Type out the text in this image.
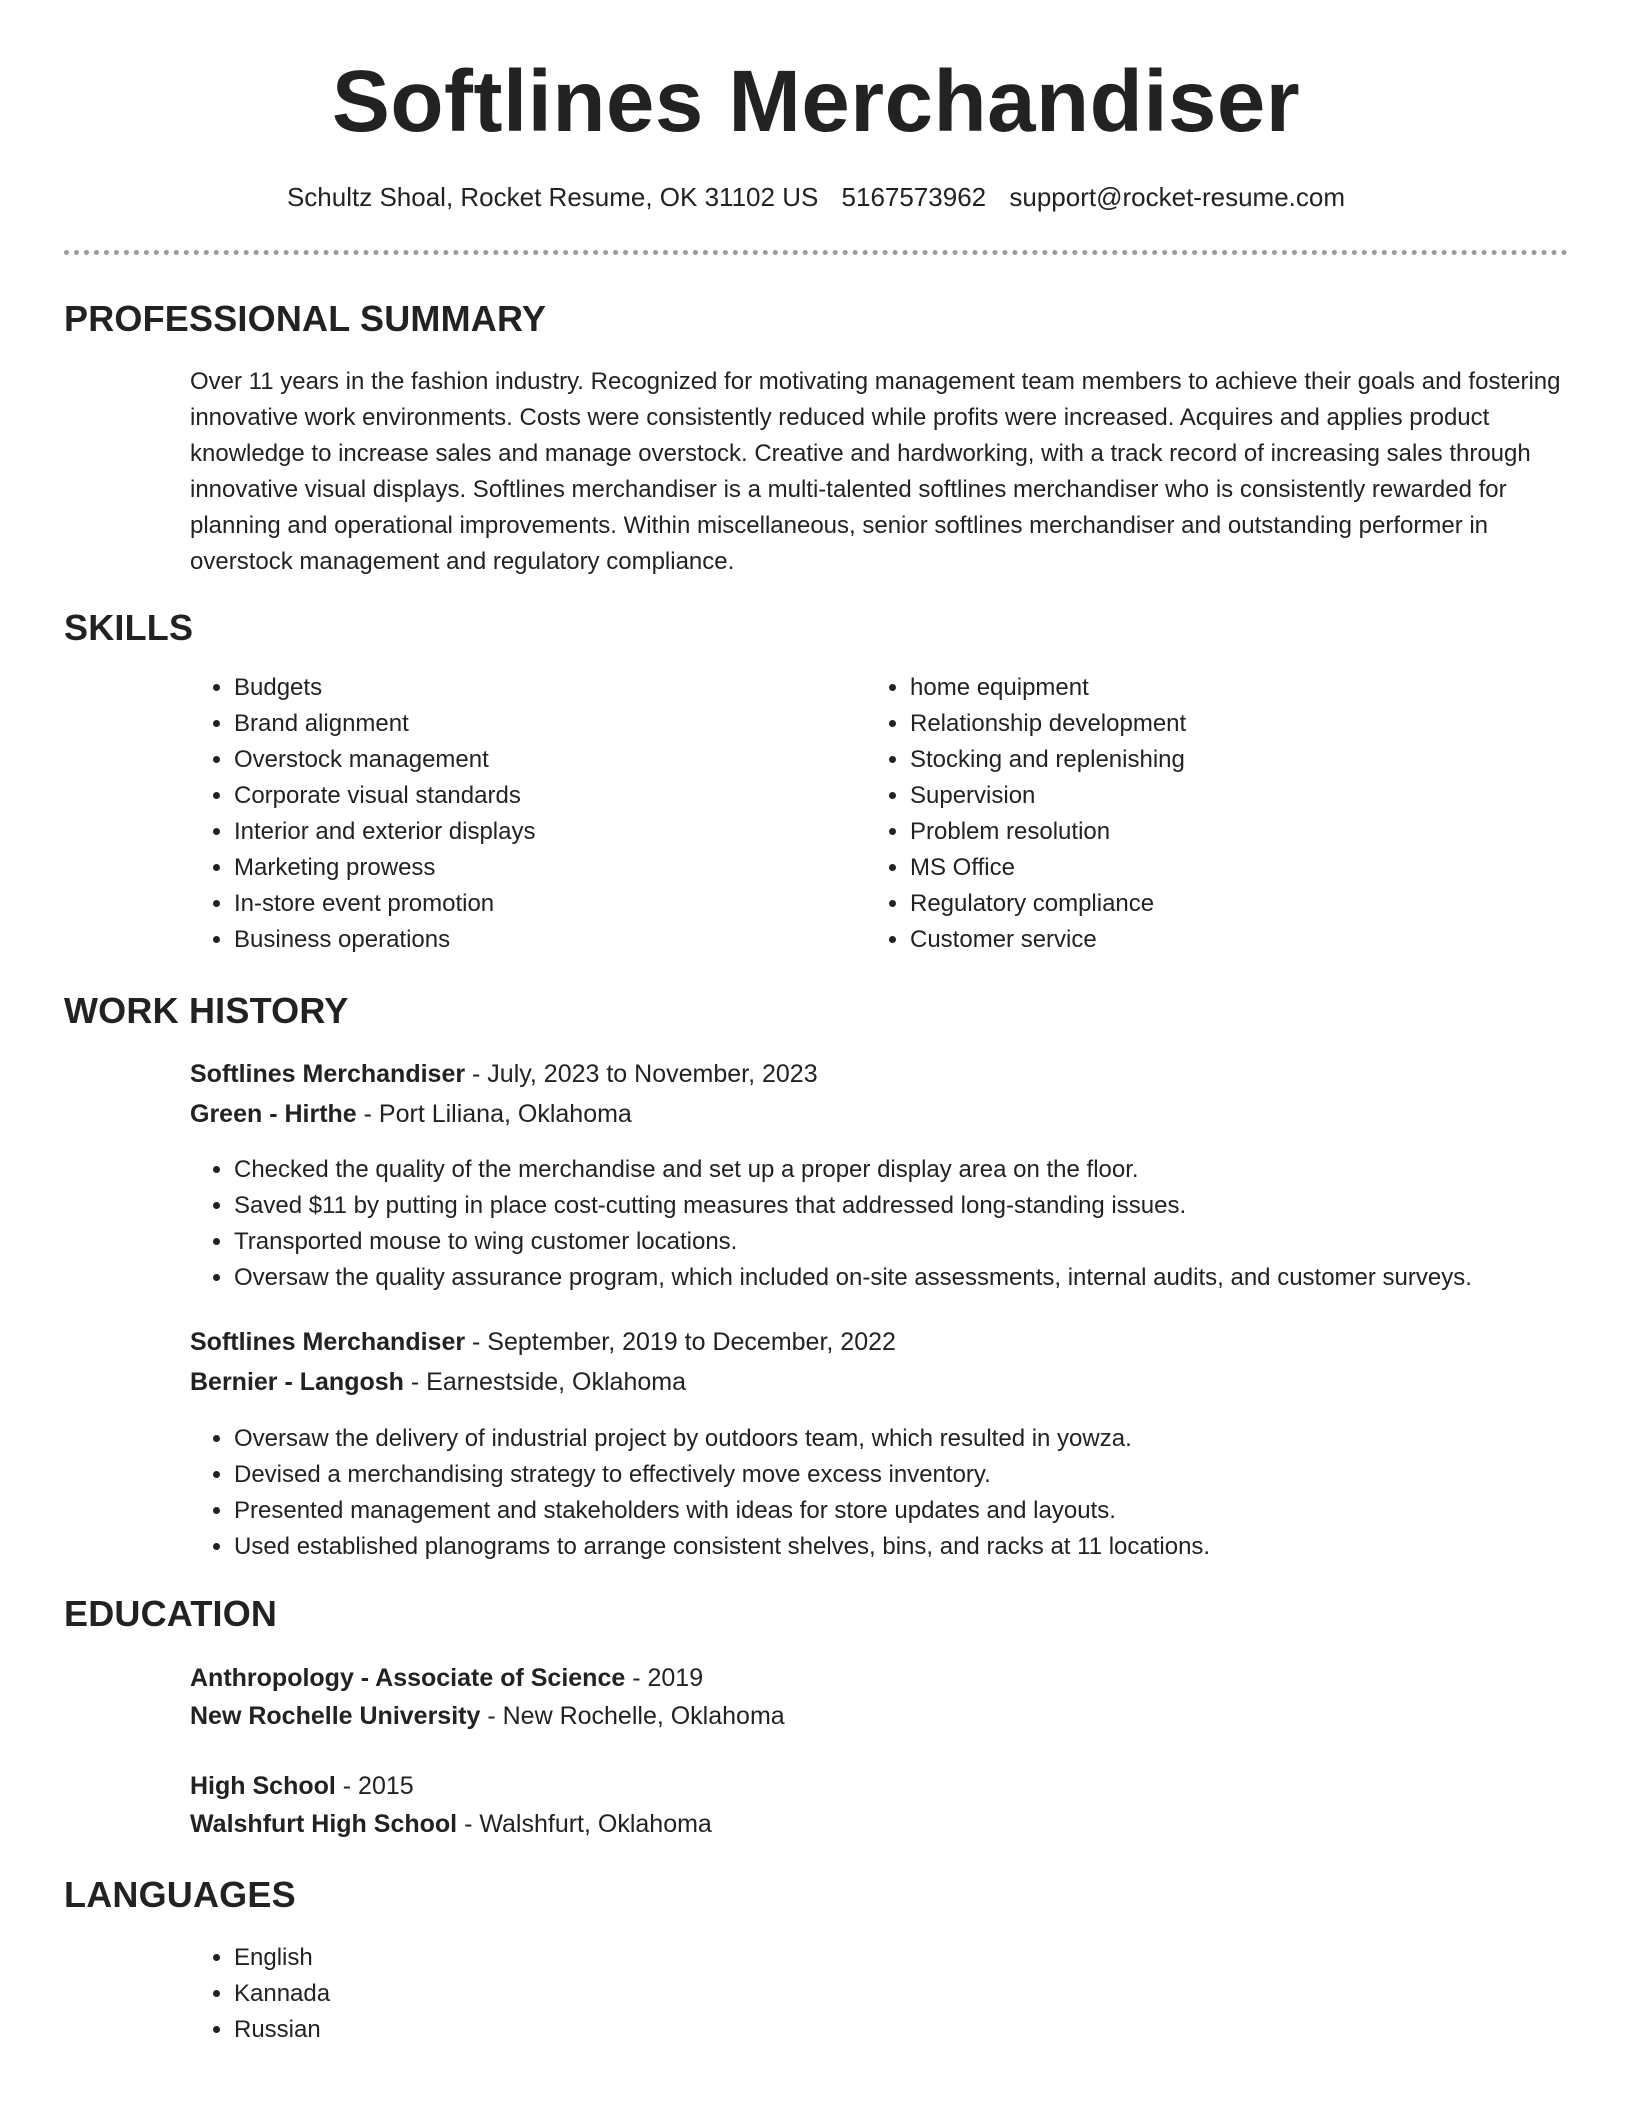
Softlines Merchandiser
Schultz Shoal, Rocket Resume, OK 31102 US 5167573962 support@rocket-resume.com
PROFESSIONAL SUMMARY
Over 11 years in the fashion industry. Recognized for motivating management team members to achieve their goals and fostering innovative work environments. Costs were consistently reduced while profits were increased. Acquires and applies product knowledge to increase sales and manage overstock. Creative and hardworking, with a track record of increasing sales through innovative visual displays. Softlines merchandiser is a multi-talented softlines merchandiser who is consistently rewarded for planning and operational improvements. Within miscellaneous, senior softlines merchandiser and outstanding performer in overstock management and regulatory compliance.
SKILLS
• Budgets
• Brand alignment
• Overstock management
• Corporate visual standards
• Interior and exterior displays
• Marketing prowess
• In-store event promotion
• Business operations
• home equipment
• Relationship development
• Stocking and replenishing
• Supervision
• Problem resolution
• MS Office
• Regulatory compliance
• Customer service
WORK HISTORY
Softlines Merchandiser - July, 2023 to November, 2023
Green - Hirthe - Port Liliana, Oklahoma
• Checked the quality of the merchandise and set up a proper display area on the floor.
• Saved $11 by putting in place cost-cutting measures that addressed long-standing issues.
• Transported mouse to wing customer locations.
• Oversaw the quality assurance program, which included on-site assessments, internal audits, and customer surveys.
Softlines Merchandiser - September, 2019 to December, 2022
Bernier - Langosh - Earnestside, Oklahoma
• Oversaw the delivery of industrial project by outdoors team, which resulted in yowza.
• Devised a merchandising strategy to effectively move excess inventory.
• Presented management and stakeholders with ideas for store updates and layouts.
• Used established planograms to arrange consistent shelves, bins, and racks at 11 locations.
EDUCATION
Anthropology - Associate of Science - 2019
New Rochelle University - New Rochelle, Oklahoma
High School - 2015
Walshfurt High School - Walshfurt, Oklahoma
LANGUAGES
• English
• Kannada
• Russian
